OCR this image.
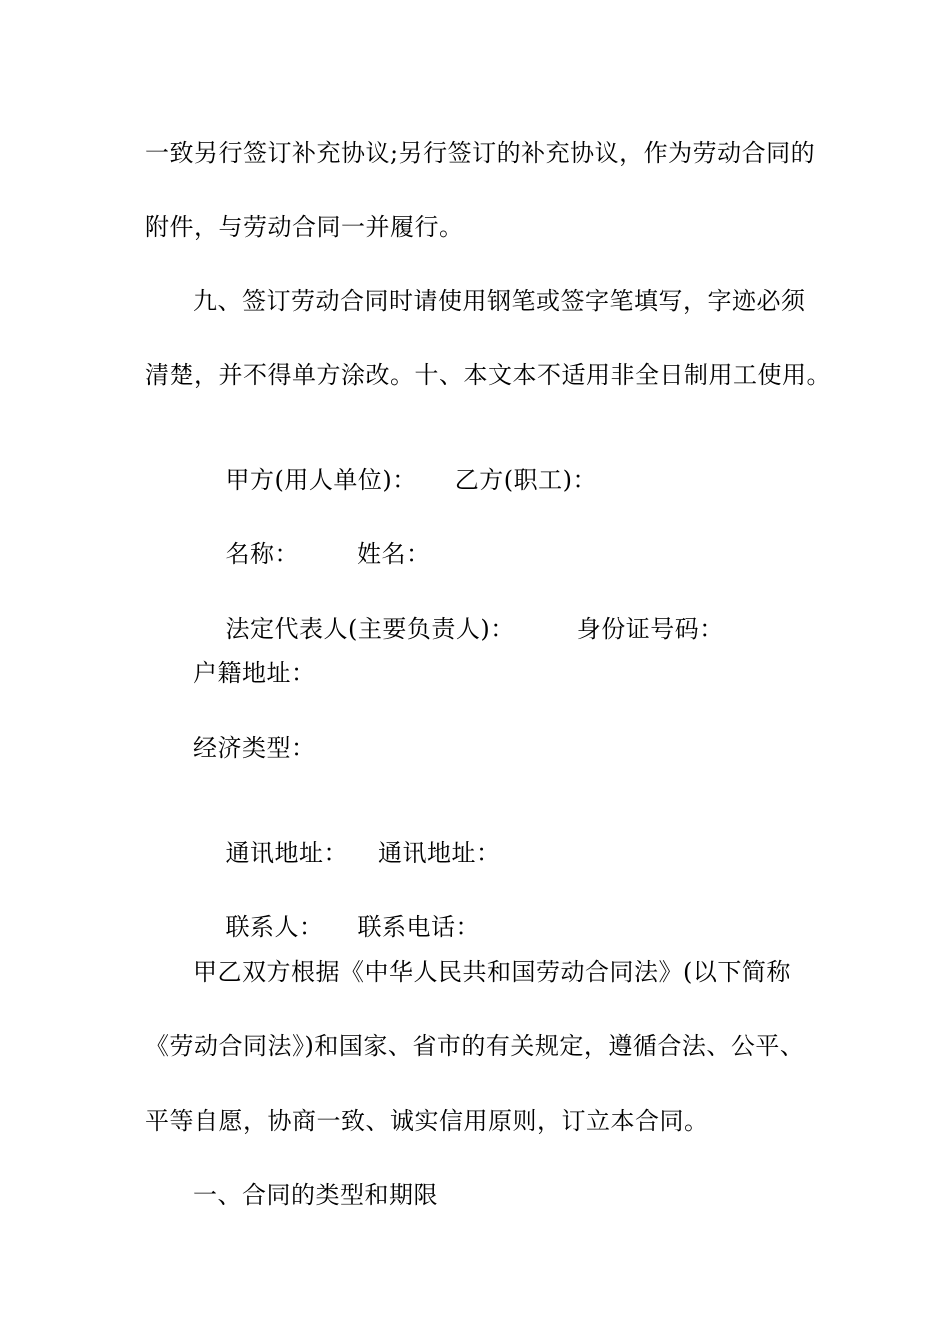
一致另行签订补充协议;另行签订的补充协议，作为劳动合同的
附件，与劳动合同一并履行。
九、签订劳动合同时请使用钢笔或签字笔填写，字迹必须
清楚，并不得单方涂改。十、本文本不适用非全日制用工使用。

甲方(用人单位)： 乙方(职工)：

名称： 姓名：

法定代表人(主要负责人)：	身份证号码：

户籍地址：
经济类型：

通讯地址： 通讯地址：

联系人： 联系电话：

甲乙双方根据《中华人民共和国劳动合同法》(以下简称
《劳动合同法》)和国家、省市的有关规定，遵循合法、公平、
平等自愿，协商一致、诚实信用原则，订立本合同。
一、合同的类型和期限
